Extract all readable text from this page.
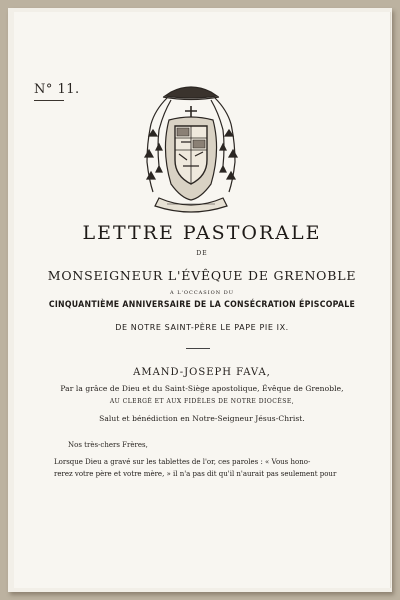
N° 11.
LETTRE PASTORALE
DE
MONSEIGNEUR L'ÉVÊQUE DE GRENOBLE
A L'OCCASION DU
CINQUANTIÈME ANNIVERSAIRE DE LA CONSÉCRATION ÉPISCOPALE
DE NOTRE SAINT-PÈRE LE PAPE PIE IX.
AMAND-JOSEPH FAVA,
Par la grâce de Dieu et du Saint-Siège apostolique, Évêque de Grenoble,
AU CLERGÉ ET AUX FIDÈLES DE NOTRE DIOCÈSE,
Salut et bénédiction en Notre-Seigneur Jésus-Christ.
Nos très-chers Frères,
Lorsque Dieu a gravé sur les tablettes de l'or, ces paroles : « Vous hono-
rerez votre père et votre mère, » il n'a pas dit qu'il n'aurait pas seulement pour
